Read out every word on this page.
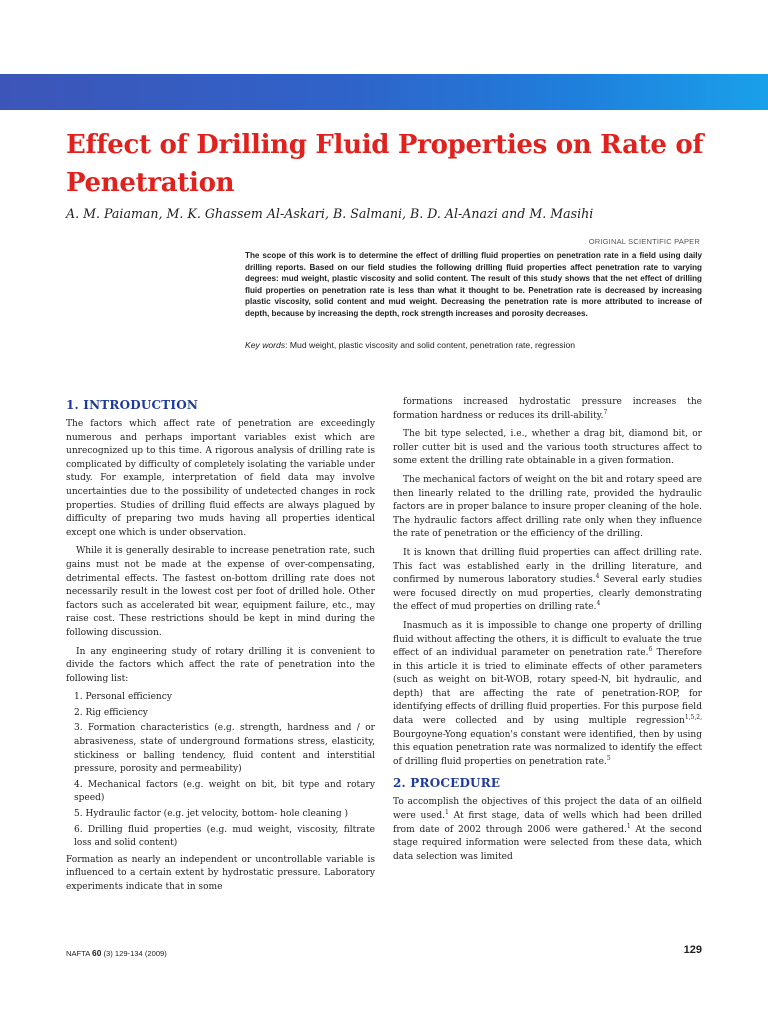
Effect of Drilling Fluid Properties on Rate of Penetration
A. M. Paiaman, M. K. Ghassem Al-Askari, B. Salmani, B. D. Al-Anazi and M. Masihi
ORIGINAL SCIENTIFIC PAPER

The scope of this work is to determine the effect of drilling fluid properties on penetration rate in a field using daily drilling reports. Based on our field studies the following drilling fluid properties affect penetration rate to varying degrees: mud weight, plastic viscosity and solid content. The result of this study shows that the net effect of drilling fluid properties on penetration rate is less than what it thought to be. Penetration rate is decreased by increasing plastic viscosity, solid content and mud weight. Decreasing the penetration rate is more attributed to increase of depth, because by increasing the depth, rock strength increases and porosity decreases.

Key words: Mud weight, plastic viscosity and solid content, penetration rate, regression
1. INTRODUCTION

The factors which affect rate of penetration are exceedingly numerous and perhaps important variables exist which are unrecognized up to this time. A rigorous analysis of drilling rate is complicated by difficulty of completely isolating the variable under study. For example, interpretation of field data may involve uncertainties due to the possibility of undetected changes in rock properties. Studies of drilling fluid effects are always plagued by difficulty of preparing two muds having all properties identical except one which is under observation.

While it is generally desirable to increase penetration rate, such gains must not be made at the expense of over-compensating, detrimental effects. The fastest on-bottom drilling rate does not necessarily result in the lowest cost per foot of drilled hole. Other factors such as accelerated bit wear, equipment failure, etc., may raise cost. These restrictions should be kept in mind during the following discussion.

In any engineering study of rotary drilling it is convenient to divide the factors which affect the rate of penetration into the following list:

1. Personal efficiency
2. Rig efficiency
3. Formation characteristics (e.g. strength, hardness and / or abrasiveness, state of underground formations stress, elasticity, stickiness or balling tendency, fluid content and interstitial pressure, porosity and permeability)
4. Mechanical factors (e.g. weight on bit, bit type and rotary speed)
5. Hydraulic factor (e.g. jet velocity, bottom- hole cleaning )
6. Drilling fluid properties (e.g. mud weight, viscosity, filtrate loss and solid content)

Formation as nearly an independent or uncontrollable variable is influenced to a certain extent by hydrostatic pressure. Laboratory experiments indicate that in some

formations increased hydrostatic pressure increases the formation hardness or reduces its drill-ability.$^7$

The bit type selected, i.e., whether a drag bit, diamond bit, or roller cutter bit is used and the various tooth structures affect to some extent the drilling rate obtainable in a given formation.

The mechanical factors of weight on the bit and rotary speed are then linearly related to the drilling rate, provided the hydraulic factors are in proper balance to insure proper cleaning of the hole. The hydraulic factors affect drilling rate only when they influence the rate of penetration or the efficiency of the drilling.

It is known that drilling fluid properties can affect drilling rate. This fact was established early in the drilling literature, and confirmed by numerous laboratory studies.$^4$ Several early studies were focused directly on mud properties, clearly demonstrating the effect of mud properties on drilling rate.$^4$

Inasmuch as it is impossible to change one property of drilling fluid without affecting the others, it is difficult to evaluate the true effect of an individual parameter on penetration rate.$^6$ Therefore in this article it is tried to eliminate effects of other parameters (such as weight on bit-WOB, rotary speed-N, bit hydraulic, and depth) that are affecting the rate of penetration-ROP, for identifying effects of drilling fluid properties. For this purpose field data were collected and by using multiple regression$^{1,5,2,}$ Bourgoyne-Yong equation's constant were identified, then by using this equation penetration rate was normalized to identify the effect of drilling fluid properties on penetration rate.$^5$

2. PROCEDURE

To accomplish the objectives of this project the data of an oilfield were used.$^1$ At first stage, data of wells which had been drilled from date of 2002 through 2006 were gathered.$^1$ At the second stage required information were selected from these data, which data selection was limited

NAFTA 60 (3) 129-134 (2009)	129
